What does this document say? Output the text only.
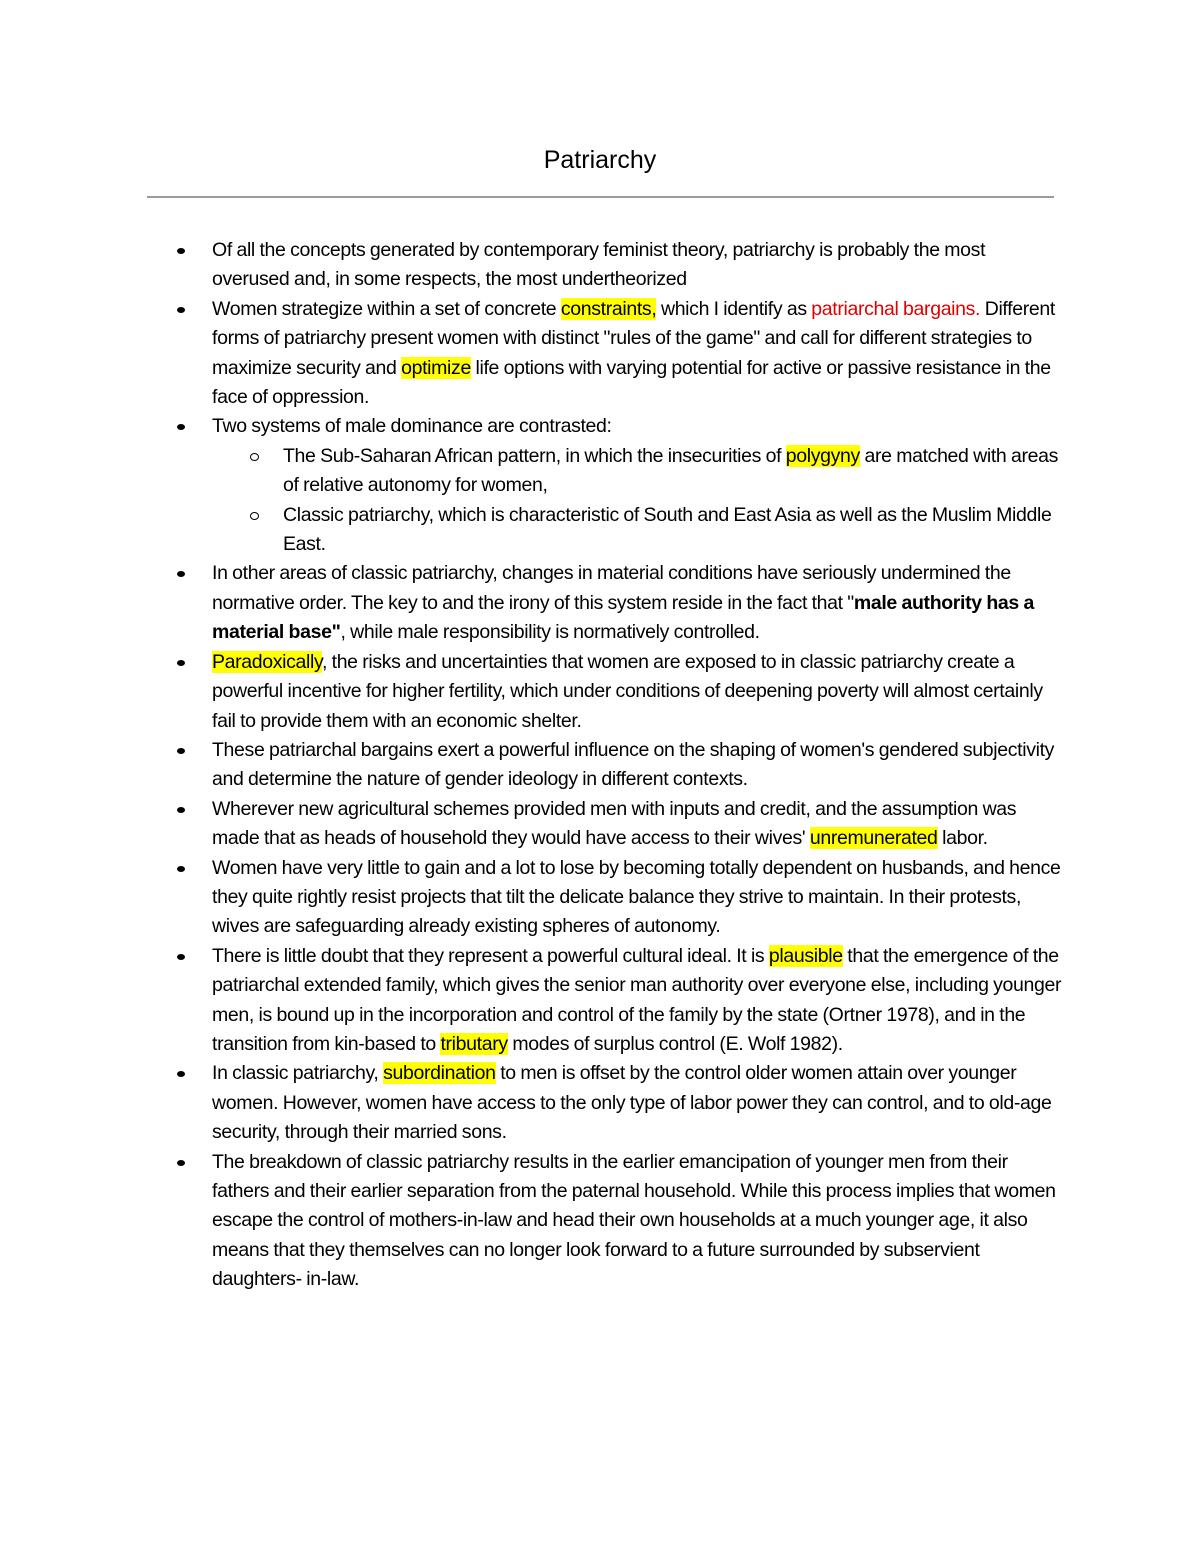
Patriarchy
Of all the concepts generated by contemporary feminist theory, patriarchy is probably the most overused and, in some respects, the most undertheorized
Women strategize within a set of concrete constraints, which I identify as patriarchal bargains. Different forms of patriarchy present women with distinct "rules of the game" and call for different strategies to maximize security and optimize life options with varying potential for active or passive resistance in the face of oppression.
Two systems of male dominance are contrasted:
The Sub-Saharan African pattern, in which the insecurities of polygyny are matched with areas of relative autonomy for women,
Classic patriarchy, which is characteristic of South and East Asia as well as the Muslim Middle East.
In other areas of classic patriarchy, changes in material conditions have seriously undermined the normative order. The key to and the irony of this system reside in the fact that "male authority has a material base", while male responsibility is normatively controlled.
Paradoxically, the risks and uncertainties that women are exposed to in classic patriarchy create a powerful incentive for higher fertility, which under conditions of deepening poverty will almost certainly fail to provide them with an economic shelter.
These patriarchal bargains exert a powerful influence on the shaping of women's gendered subjectivity and determine the nature of gender ideology in different contexts.
Wherever new agricultural schemes provided men with inputs and credit, and the assumption was made that as heads of household they would have access to their wives' unremunerated labor.
Women have very little to gain and a lot to lose by becoming totally dependent on husbands, and hence they quite rightly resist projects that tilt the delicate balance they strive to maintain. In their protests, wives are safeguarding already existing spheres of autonomy.
There is little doubt that they represent a powerful cultural ideal. It is plausible that the emergence of the patriarchal extended family, which gives the senior man authority over everyone else, including younger men, is bound up in the incorporation and control of the family by the state (Ortner 1978), and in the transition from kin-based to tributary modes of surplus control (E. Wolf 1982).
In classic patriarchy, subordination to men is offset by the control older women attain over younger women. However, women have access to the only type of labor power they can control, and to old-age security, through their married sons.
The breakdown of classic patriarchy results in the earlier emancipation of younger men from their fathers and their earlier separation from the paternal household. While this process implies that women escape the control of mothers-in-law and head their own households at a much younger age, it also means that they themselves can no longer look forward to a future surrounded by subservient daughters- in-law.
